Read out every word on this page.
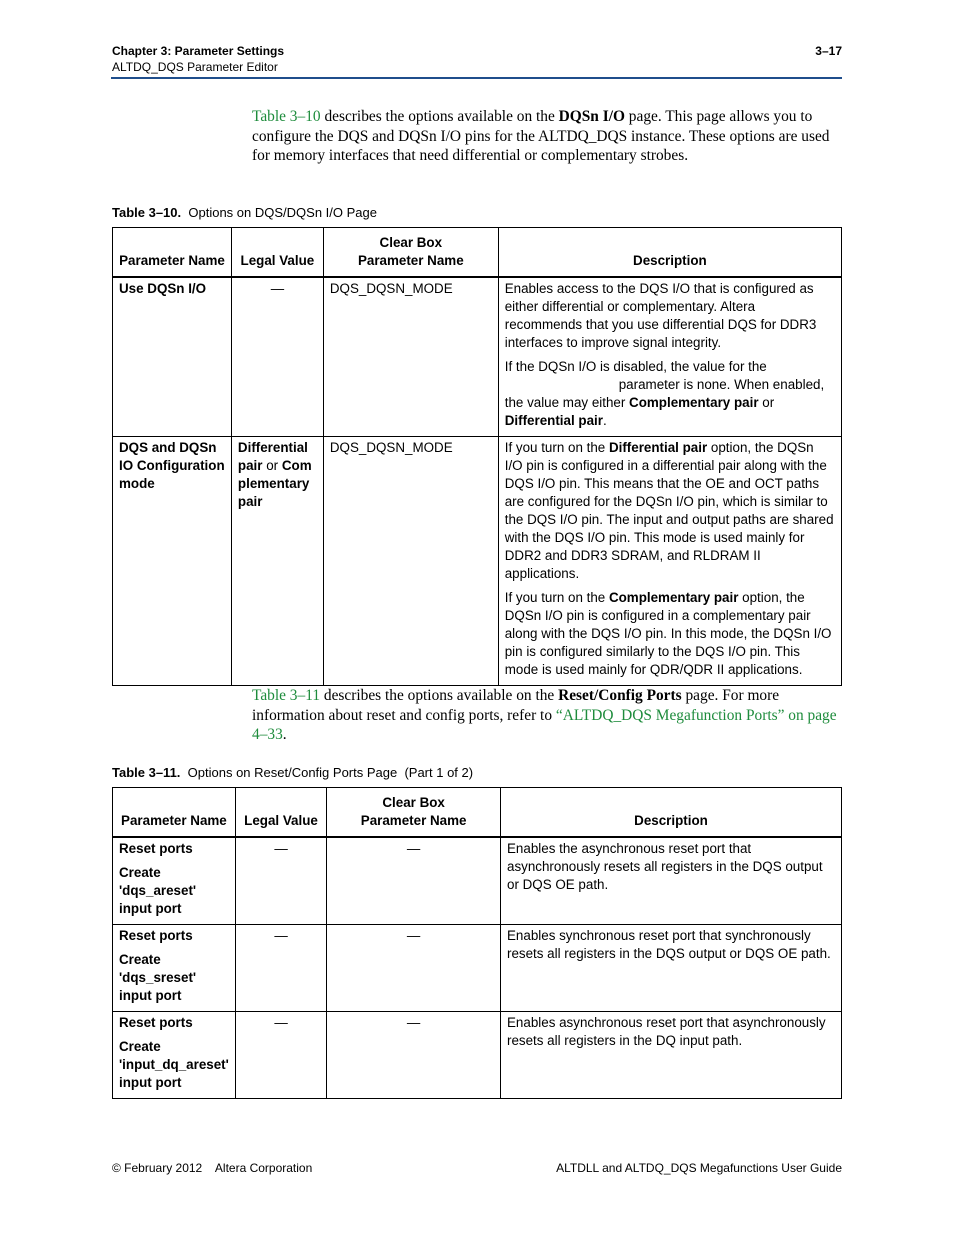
Chapter 3: Parameter Settings
ALTDQ_DQS Parameter Editor
3–17
Table 3–10 describes the options available on the DQSn I/O page. This page allows you to configure the DQS and DQSn I/O pins for the ALTDQ_DQS instance. These options are used for memory interfaces that need differential or complementary strobes.
Table 3–10. Options on DQS/DQSn I/O Page
Parameter Name	Legal Value	Clear Box
Parameter Name	Description
Use DQSn I/O	—	DQS_DQSN_MODE	Enables access to the DQS I/O that is configured as either differential or complementary. Altera recommends that you use differential DQS for DDR3 interfaces to improve signal integrity.

If the DQSn I/O is disabled, the value for the
parameter is none. When enabled, the value may either Complementary pair or Differential pair.

DQS and DQSn IO Configuration mode	Differential pair or Complementary pair	DQS_DQSN_MODE	If you turn on the Differential pair option, the DQSn I/O pin is configured in a differential pair along with the DQS I/O pin. This means that the OE and OCT paths are configured for the DQSn I/O pin, which is similar to the DQS I/O pin. The input and output paths are shared with the DQS I/O pin. This mode is used mainly for DDR2 and DDR3 SDRAM, and RLDRAM II applications.

If you turn on the Complementary pair option, the DQSn I/O pin is configured in a complementary pair along with the DQS I/O pin. In this mode, the DQSn I/O pin is configured similarly to the DQS I/O pin. This mode is used mainly for QDR/QDR II applications.

Table 3–11 describes the options available on the Reset/Config Ports page. For more information about reset and config ports, refer to “ALTDQ_DQS Megafunction Ports” on page 4–33.
Table 3–11. Options on Reset/Config Ports Page  (Part 1 of 2)
Parameter Name	Legal Value	Clear Box
Parameter Name	Description

Reset ports
Create 'dqs_areset' input port	—	—	Enables the asynchronous reset port that asynchronously resets all registers in the DQS output or DQS OE path.

Reset ports
Create 'dqs_sreset' input port	—	—	Enables synchronous reset port that synchronously resets all registers in the DQS output or DQS OE path.

Reset ports
Create 'input_dq_areset' input port	—	—	Enables asynchronous reset port that asynchronously resets all registers in the DQ input path.
© February 2012    Altera Corporation	ALTDLL and ALTDQ_DQS Megafunctions User Guide
